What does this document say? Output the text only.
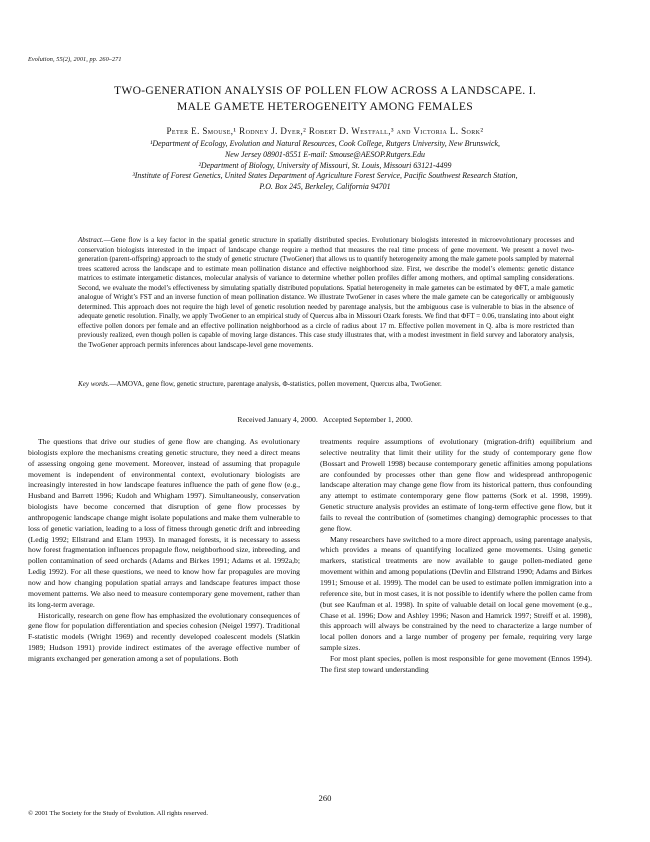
Evolution, 55(2), 2001, pp. 260–271
TWO-GENERATION ANALYSIS OF POLLEN FLOW ACROSS A LANDSCAPE. I.
MALE GAMETE HETEROGENEITY AMONG FEMALES
Peter E. Smouse,¹ Rodney J. Dyer,² Robert D. Westfall,³ and Victoria L. Sork²
¹Department of Ecology, Evolution and Natural Resources, Cook College, Rutgers University, New Brunswick,
New Jersey 08901-8551 E-mail: Smouse@AESOP.Rutgers.Edu
²Department of Biology, University of Missouri, St. Louis, Missouri 63121-4499
³Institute of Forest Genetics, United States Department of Agriculture Forest Service, Pacific Southwest Research Station,
P.O. Box 245, Berkeley, California 94701
Abstract.—Gene flow is a key factor in the spatial genetic structure in spatially distributed species. Evolutionary biologists interested in microevolutionary processes and conservation biologists interested in the impact of landscape change require a method that measures the real time process of gene movement. We present a novel two-generation (parent-offspring) approach to the study of genetic structure (TwoGener) that allows us to quantify heterogeneity among the male gamete pools sampled by maternal trees scattered across the landscape and to estimate mean pollination distance and effective neighborhood size. First, we describe the model’s elements: genetic distance matrices to estimate intergametic distances, molecular analysis of variance to determine whether pollen profiles differ among mothers, and optimal sampling considerations. Second, we evaluate the model’s effectiveness by simulating spatially distributed populations. Spatial heterogeneity in male gametes can be estimated by ΦFT, a male gametic analogue of Wright’s FST and an inverse function of mean pollination distance. We illustrate TwoGener in cases where the male gamete can be categorically or ambiguously determined. This approach does not require the high level of genetic resolution needed by parentage analysis, but the ambiguous case is vulnerable to bias in the absence of adequate genetic resolution. Finally, we apply TwoGener to an empirical study of Quercus alba in Missouri Ozark forests. We find that ΦFT = 0.06, translating into about eight effective pollen donors per female and an effective pollination neighborhood as a circle of radius about 17 m. Effective pollen movement in Q. alba is more restricted than previously realized, even though pollen is capable of moving large distances. This case study illustrates that, with a modest investment in field survey and laboratory analysis, the TwoGener approach permits inferences about landscape-level gene movements.
Key words.—AMOVA, gene flow, genetic structure, parentage analysis, Φ-statistics, pollen movement, Quercus alba, TwoGener.
Received January 4, 2000.   Accepted September 1, 2000.

The questions that drive our studies of gene flow are changing. As evolutionary biologists explore the mechanisms creating genetic structure, they need a direct means of assessing ongoing gene movement. Moreover, instead of assuming that propagule movement is independent of environmental context, evolutionary biologists are increasingly interested in how landscape features influence the path of gene flow (e.g., Husband and Barrett 1996; Kudoh and Whigham 1997). Simultaneously, conservation biologists have become concerned that disruption of gene flow processes by anthropogenic landscape change might isolate populations and make them vulnerable to loss of genetic variation, leading to a loss of fitness through genetic drift and inbreeding (Ledig 1992; Ellstrand and Elam 1993). In managed forests, it is necessary to assess how forest fragmentation influences propagule flow, neighborhood size, inbreeding, and pollen contamination of seed orchards (Adams and Birkes 1991; Adams et al. 1992a,b; Ledig 1992). For all these questions, we need to know how far propagules are moving now and how changing population spatial arrays and landscape features impact those movement patterns. We also need to measure contemporary gene movement, rather than its long-term average.

Historically, research on gene flow has emphasized the evolutionary consequences of gene flow for population differentiation and species cohesion (Neigel 1997). Traditional F-statistic models (Wright 1969) and recently developed coalescent models (Slatkin 1989; Hudson 1991) provide indirect estimates of the average effective number of migrants exchanged per generation among a set of populations. Both

treatments require assumptions of evolutionary (migration-drift) equilibrium and selective neutrality that limit their utility for the study of contemporary gene flow (Bossart and Prowell 1998) because contemporary genetic affinities among populations are confounded by processes other than gene flow and widespread anthropogenic landscape alteration may change gene flow from its historical pattern, thus confounding any attempt to estimate contemporary gene flow patterns (Sork et al. 1998, 1999). Genetic structure analysis provides an estimate of long-term effective gene flow, but it fails to reveal the contribution of (sometimes changing) demographic processes to that gene flow.

Many researchers have switched to a more direct approach, using parentage analysis, which provides a means of quantifying localized gene movements. Using genetic markers, statistical treatments are now available to gauge pollen-mediated gene movement within and among populations (Devlin and Ellstrand 1990; Adams and Birkes 1991; Smouse et al. 1999). The model can be used to estimate pollen immigration into a reference site, but in most cases, it is not possible to identify where the pollen came from (but see Kaufman et al. 1998). In spite of valuable detail on local gene movement (e.g., Chase et al. 1996; Dow and Ashley 1996; Nason and Hamrick 1997; Streiff et al. 1998), this approach will always be constrained by the need to characterize a large number of local pollen donors and a large number of progeny per female, requiring very large sample sizes.

For most plant species, pollen is most responsible for gene movement (Ennos 1994). The first step toward understanding

260
© 2001 The Society for the Study of Evolution. All rights reserved.
